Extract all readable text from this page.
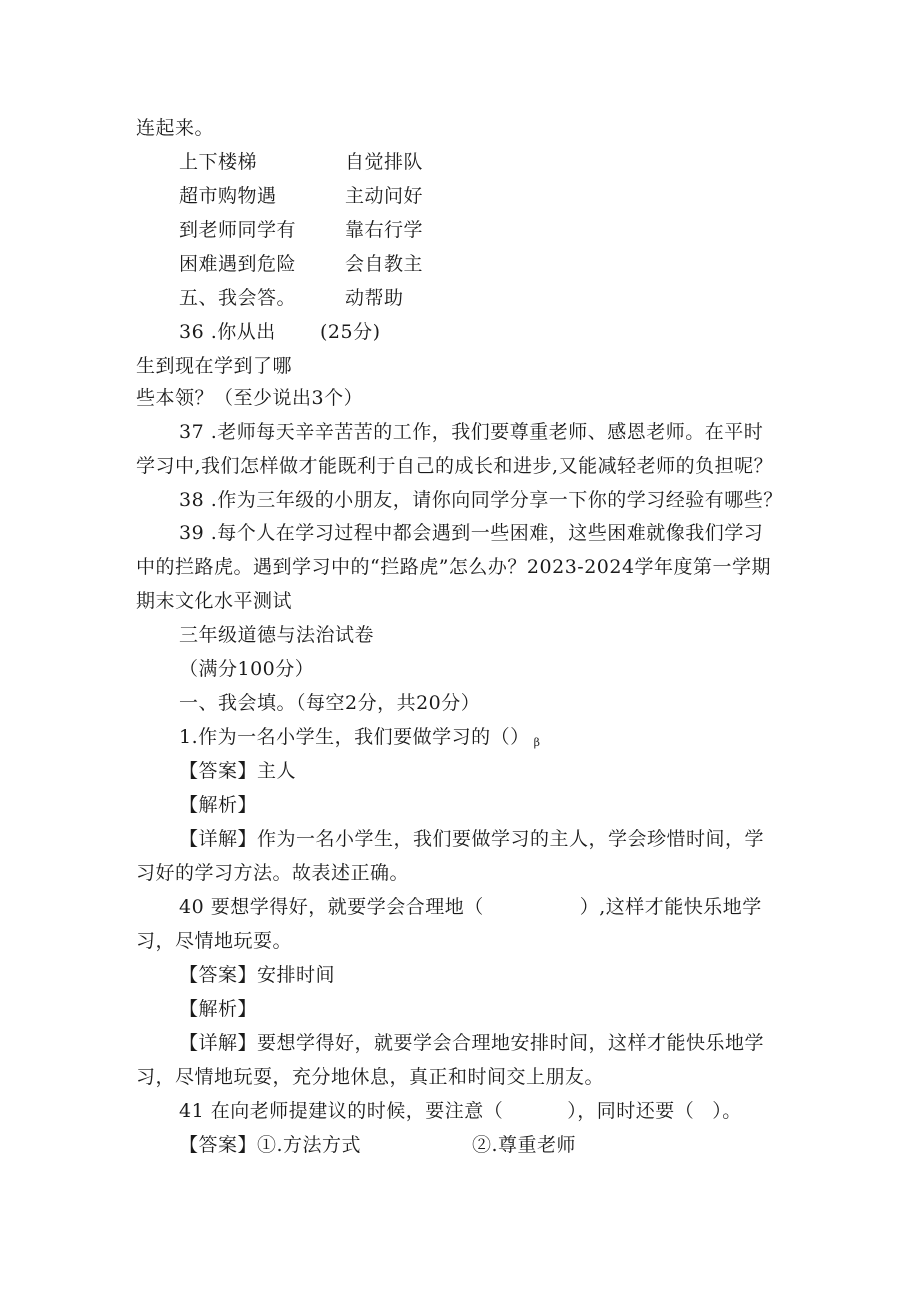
连起来。
上下楼梯	自觉排队
超市购物遇	主动问好
到老师同学有	靠右行学
困难遇到危险	会自教主
五、我会答。	动帮助
36 .你从出 (25分)
生到现在学到了哪
些本领？（至少说出3个）
37 .老师每天辛辛苦苦的工作，我们要尊重老师、感恩老师。在平时
学习中,我们怎样做才能既利于自己的成长和进步,又能减轻老师的负担呢？
38 .作为三年级的小朋友，请你向同学分享一下你的学习经验有哪些？
39 .每个人在学习过程中都会遇到一些困难，这些困难就像我们学习
中的拦路虎。遇到学习中的“拦路虎”怎么办？2023-2024学年度第一学期
期末文化水平测试
三年级道德与法治试卷
（满分100分）
一、我会填。（每空2分，共20分）
1.作为一名小学生，我们要做学习的（） β
【答案】主人
【解析】
【详解】作为一名小学生，我们要做学习的主人，学会珍惜时间，学
习好的学习方法。故表述正确。
40 要想学得好，就要学会合理地（	）,这样才能快乐地学
习，尽情地玩耍。
【答案】安排时间
【解析】
【详解】要想学得好，就要学会合理地安排时间，这样才能快乐地学
习，尽情地玩耍，充分地休息，真正和时间交上朋友。
41 在向老师提建议的时候，要注意（	），同时还要（ ）。
【答案】①.方法方式	②.尊重老师
